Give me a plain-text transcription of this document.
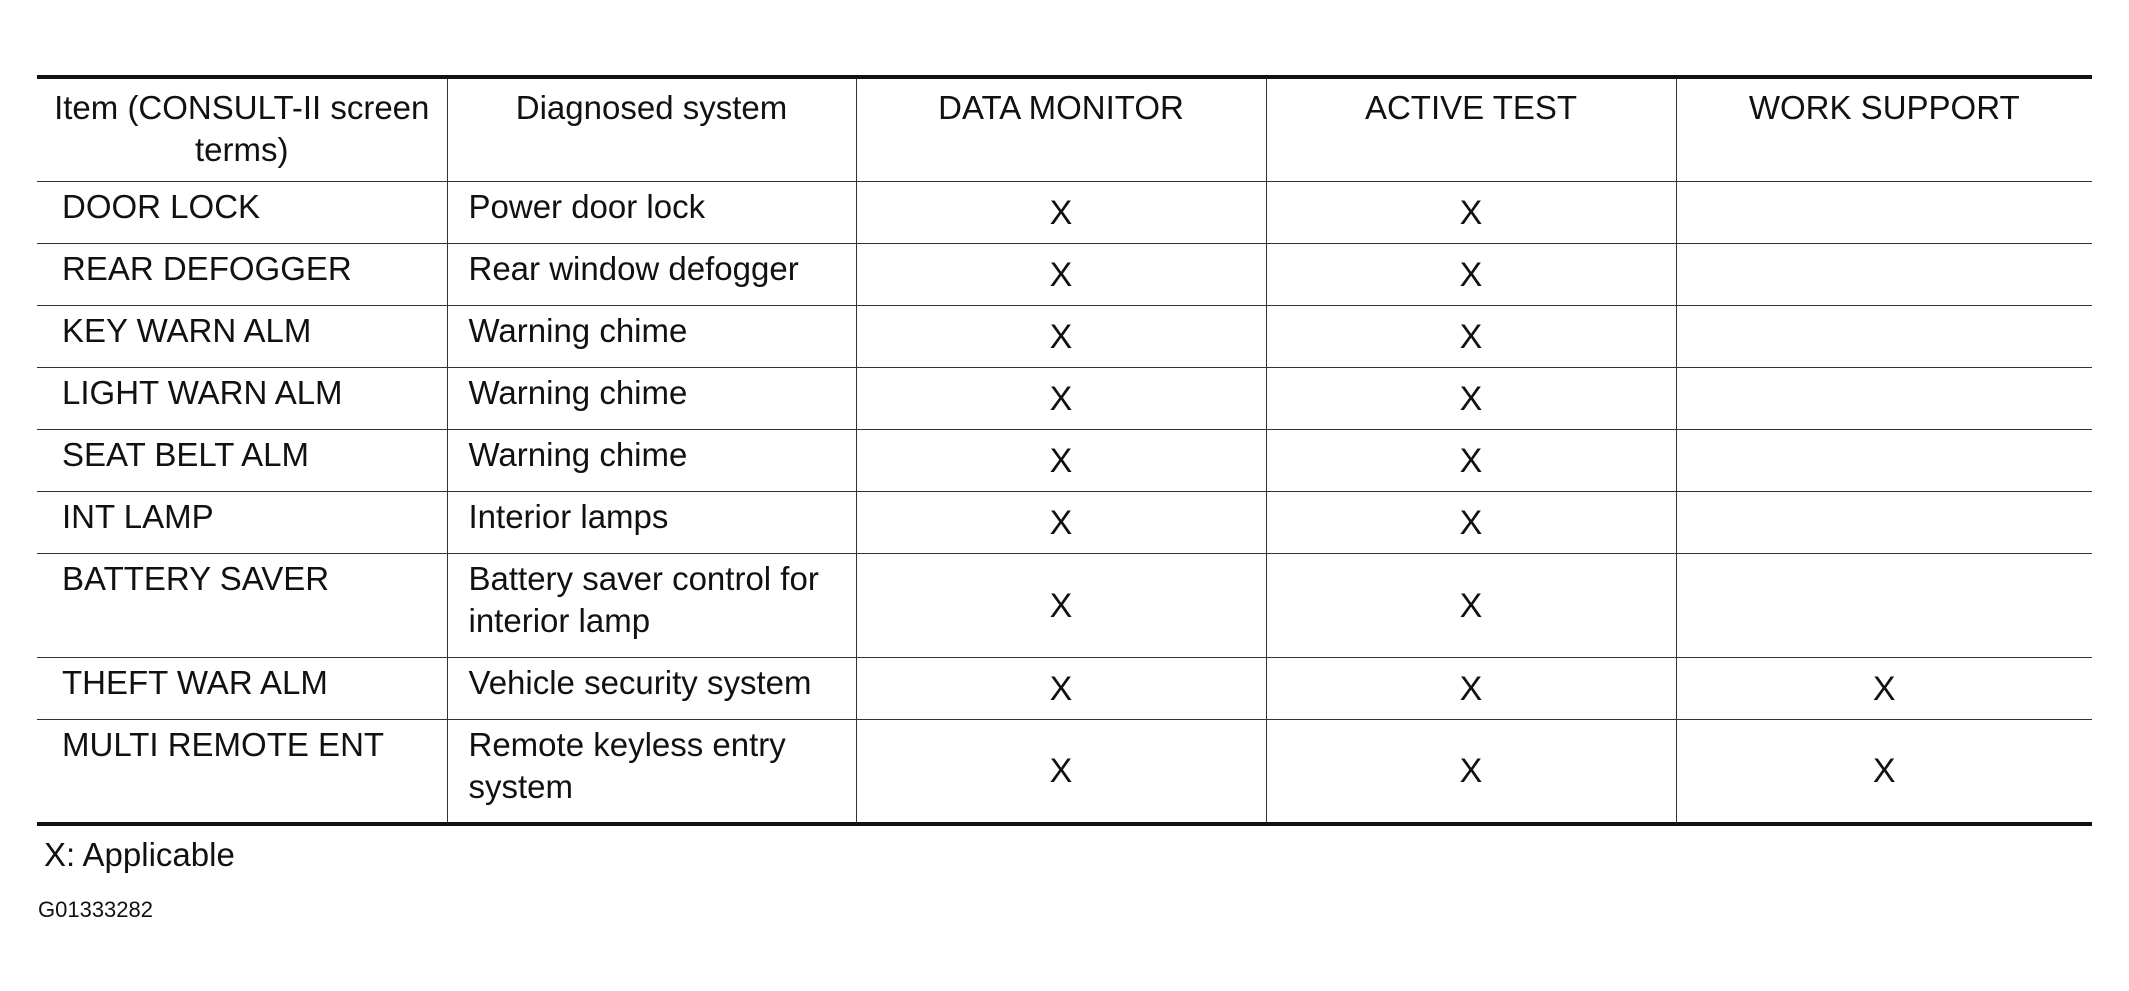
Item (CONSULT-II screen terms)	Diagnosed system	DATA MONITOR	ACTIVE TEST	WORK SUPPORT
DOOR LOCK	Power door lock	X	X	
REAR DEFOGGER	Rear window defogger	X	X	
KEY WARN ALM	Warning chime	X	X	
LIGHT WARN ALM	Warning chime	X	X	
SEAT BELT ALM	Warning chime	X	X	
INT LAMP	Interior lamps	X	X	
BATTERY SAVER	Battery saver control for interior lamp	X	X	
THEFT WAR ALM	Vehicle security system	X	X	X
MULTI REMOTE ENT	Remote keyless entry system	X	X	X
X: Applicable
G01333282
